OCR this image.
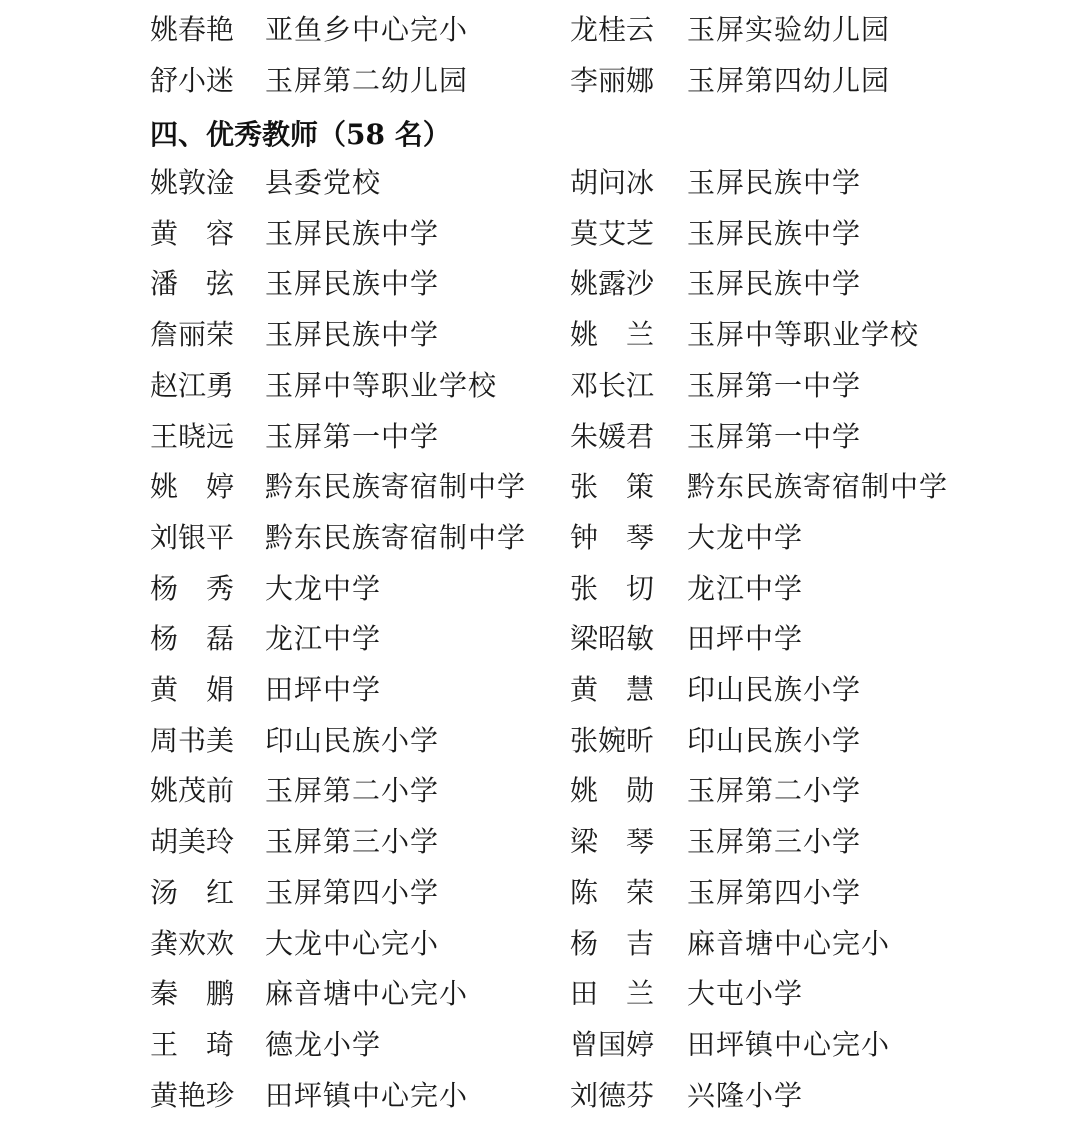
四、优秀教师（58 名）
姚春艳 亚鱼乡中心完小	龙桂云 玉屏实验幼儿园
舒小迷 玉屏第二幼儿园	李丽娜 玉屏第四幼儿园
姚敦淦 县委党校	胡问冰 玉屏民族中学
黄　容 玉屏民族中学	莫艾芝 玉屏民族中学
潘　弦 玉屏民族中学	姚露沙 玉屏民族中学
詹丽荣 玉屏民族中学	姚　兰 玉屏中等职业学校
赵江勇 玉屏中等职业学校	邓长江 玉屏第一中学
王晓远 玉屏第一中学	朱媛君 玉屏第一中学
姚　婷 黔东民族寄宿制中学 张　策 黔东民族寄宿制中学
刘银平 黔东民族寄宿制中学 钟　琴 大龙中学
杨　秀 大龙中学	张　切 龙江中学
杨　磊 龙江中学	梁昭敏 田坪中学
黄　娟 田坪中学	黄　慧 印山民族小学
周书美 印山民族小学	张婉昕 印山民族小学
姚茂前 玉屏第二小学	姚　勋 玉屏第二小学
胡美玲 玉屏第三小学	梁　琴 玉屏第三小学
汤　红 玉屏第四小学	陈　荣 玉屏第四小学
龚欢欢 大龙中心完小	杨　吉 麻音塘中心完小
秦　鹏 麻音塘中心完小	田　兰 大屯小学
王　琦 德龙小学	曾国婷 田坪镇中心完小
黄艳珍 田坪镇中心完小	刘德芬 兴隆小学
